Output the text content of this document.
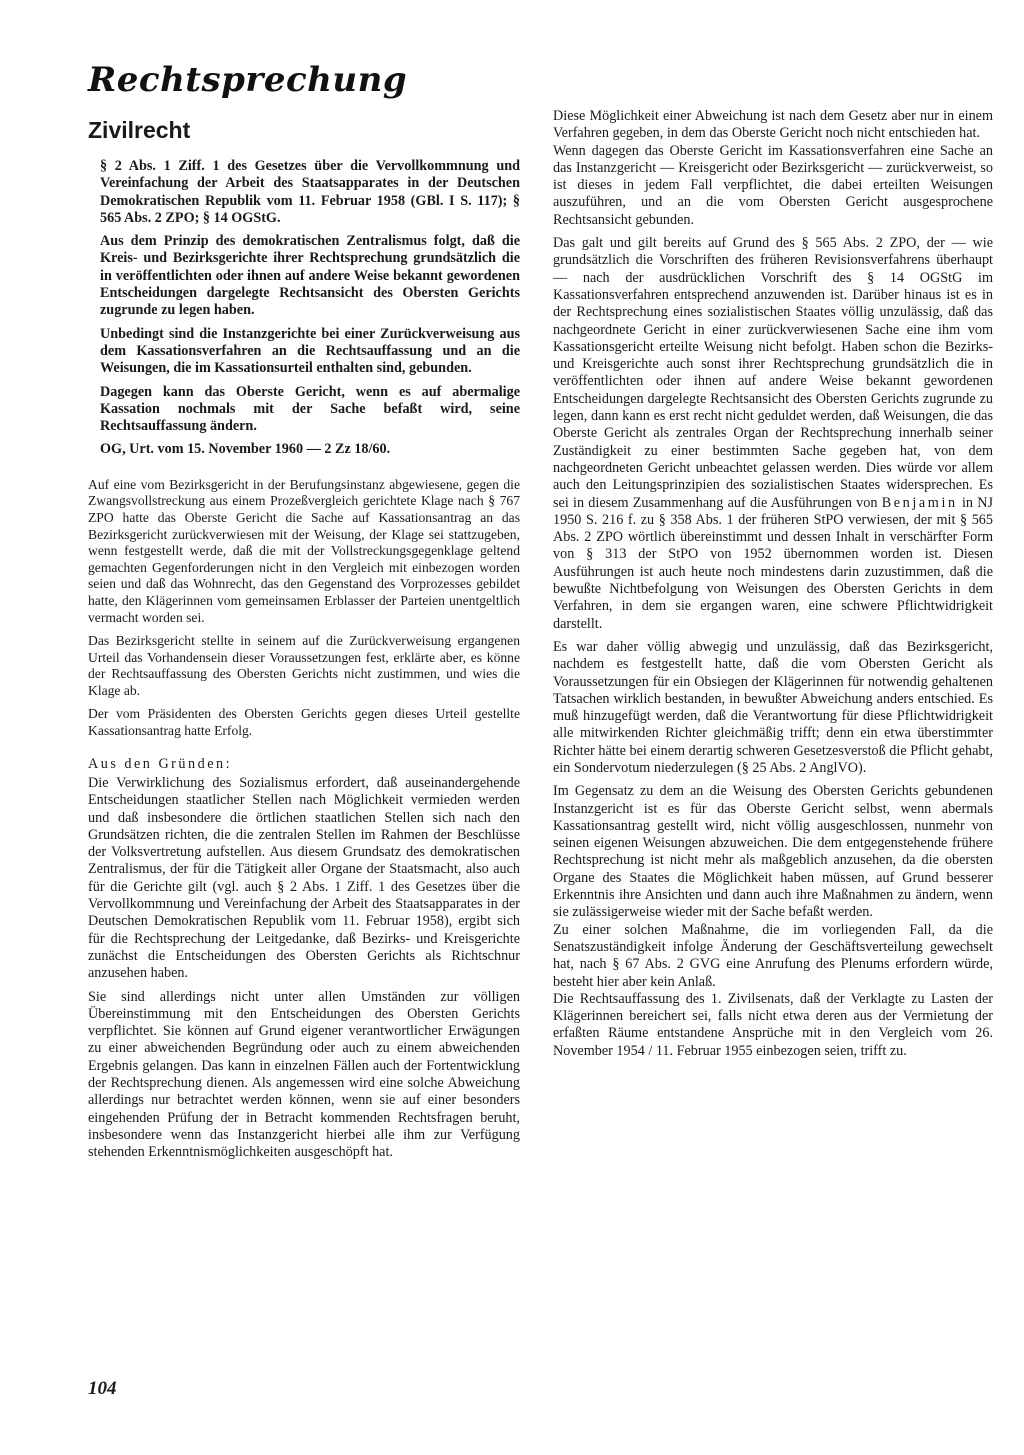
Rechtsprechung
Zivilrecht

§ 2 Abs. 1 Ziff. 1 des Gesetzes über die Vervollkommnung und Vereinfachung der Arbeit des Staatsapparates in der Deutschen Demokratischen Republik vom 11. Februar 1958 (GBl. I S. 117); § 565 Abs. 2 ZPO; § 14 OGStG.

Aus dem Prinzip des demokratischen Zentralismus folgt, daß die Kreis- und Bezirksgerichte ihrer Rechtsprechung grundsätzlich die in veröffentlichten oder ihnen auf andere Weise bekannt gewordenen Entscheidungen dargelegte Rechtsansicht des Obersten Gerichts zugrunde zu legen haben.

Unbedingt sind die Instanzgerichte bei einer Zurückverweisung aus dem Kassationsverfahren an die Rechtsauffassung und an die Weisungen, die im Kassationsurteil enthalten sind, gebunden.

Dagegen kann das Oberste Gericht, wenn es auf abermalige Kassation nochmals mit der Sache befaßt wird, seine Rechtsauffassung ändern.

OG, Urt. vom 15. November 1960 — 2 Zz 18/60.

Auf eine vom Bezirksgericht in der Berufungsinstanz abgewiesene, gegen die Zwangsvollstreckung aus einem Prozeßvergleich gerichtete Klage nach § 767 ZPO hatte das Oberste Gericht die Sache auf Kassationsantrag an das Bezirksgericht zurückverwiesen mit der Weisung, der Klage sei stattzugeben, wenn festgestellt werde, daß die mit der Vollstreckungsgegenklage geltend gemachten Gegenforderungen nicht in den Vergleich mit einbezogen worden seien und daß das Wohnrecht, das den Gegenstand des Vorprozesses gebildet hatte, den Klägerinnen vom gemeinsamen Erblasser der Parteien unentgeltlich vermacht worden sei.

Das Bezirksgericht stellte in seinem auf die Zurückverweisung ergangenen Urteil das Vorhandensein dieser Voraussetzungen fest, erklärte aber, es könne der Rechtsauffassung des Obersten Gerichts nicht zustimmen, und wies die Klage ab.

Der vom Präsidenten des Obersten Gerichts gegen dieses Urteil gestellte Kassationsantrag hatte Erfolg.

Aus den Gründen:

Die Verwirklichung des Sozialismus erfordert, daß auseinandergehende Entscheidungen staatlicher Stellen nach Möglichkeit vermieden werden und daß insbesondere die örtlichen staatlichen Stellen sich nach den Grundsätzen richten, die die zentralen Stellen im Rahmen der Beschlüsse der Volksvertretung aufstellen. Aus diesem Grundsatz des demokratischen Zentralismus, der für die Tätigkeit aller Organe der Staatsmacht, also auch für die Gerichte gilt (vgl. auch § 2 Abs. 1 Ziff. 1 des Gesetzes über die Vervollkommnung und Vereinfachung der Arbeit des Staatsapparates in der Deutschen Demokratischen Republik vom 11. Februar 1958), ergibt sich für die Rechtsprechung der Leitgedanke, daß Bezirks- und Kreisgerichte zunächst die Entscheidungen des Obersten Gerichts als Richtschnur anzusehen haben.

Sie sind allerdings nicht unter allen Umständen zur völligen Übereinstimmung mit den Entscheidungen des Obersten Gerichts verpflichtet. Sie können auf Grund eigener verantwortlicher Erwägungen zu einer abweichenden Begründung oder auch zu einem abweichenden Ergebnis gelangen. Das kann in einzelnen Fällen auch der Fortentwicklung der Rechtsprechung dienen. Als angemessen wird eine solche Abweichung allerdings nur betrachtet werden können, wenn sie auf einer besonders eingehenden Prüfung der in Betracht kommenden Rechtsfragen beruht, insbesondere wenn das Instanzgericht hierbei alle ihm zur Verfügung stehenden Erkenntnismöglichkeiten ausgeschöpft hat.

Diese Möglichkeit einer Abweichung ist nach dem Gesetz aber nur in einem Verfahren gegeben, in dem das Oberste Gericht noch nicht entschieden hat.

Wenn dagegen das Oberste Gericht im Kassationsverfahren eine Sache an das Instanzgericht — Kreisgericht oder Bezirksgericht — zurückverweist, so ist dieses in jedem Fall verpflichtet, die dabei erteilten Weisungen auszuführen, und an die vom Obersten Gericht ausgesprochene Rechtsansicht gebunden.

Das galt und gilt bereits auf Grund des § 565 Abs. 2 ZPO, der — wie grundsätzlich die Vorschriften des früheren Revisionsverfahrens überhaupt — nach der ausdrücklichen Vorschrift des § 14 OGStG im Kassationsverfahren entsprechend anzuwenden ist. Darüber hinaus ist es in der Rechtsprechung eines sozialistischen Staates völlig unzulässig, daß das nachgeordnete Gericht in einer zurückverwiesenen Sache eine ihm vom Kassationsgericht erteilte Weisung nicht befolgt. Haben schon die Bezirks- und Kreisgerichte auch sonst ihrer Rechtsprechung grundsätzlich die in veröffentlichten oder ihnen auf andere Weise bekannt gewordenen Entscheidungen dargelegte Rechtsansicht des Obersten Gerichts zugrunde zu legen, dann kann es erst recht nicht geduldet werden, daß Weisungen, die das Oberste Gericht als zentrales Organ der Rechtsprechung innerhalb seiner Zuständigkeit zu einer bestimmten Sache gegeben hat, von dem nachgeordneten Gericht unbeachtet gelassen werden. Dies würde vor allem auch den Leitungsprinzipien des sozialistischen Staates widersprechen. Es sei in diesem Zusammenhang auf die Ausführungen von Benjamin in NJ 1950 S. 216 f. zu § 358 Abs. 1 der früheren StPO verwiesen, der mit § 565 Abs. 2 ZPO wörtlich übereinstimmt und dessen Inhalt in verschärfter Form von § 313 der StPO von 1952 übernommen worden ist. Diesen Ausführungen ist auch heute noch mindestens darin zuzustimmen, daß die bewußte Nichtbefolgung von Weisungen des Obersten Gerichts in dem Verfahren, in dem sie ergangen waren, eine schwere Pflichtwidrigkeit darstellt.

Es war daher völlig abwegig und unzulässig, daß das Bezirksgericht, nachdem es festgestellt hatte, daß die vom Obersten Gericht als Voraussetzungen für ein Obsiegen der Klägerinnen für notwendig gehaltenen Tatsachen wirklich bestanden, in bewußter Abweichung anders entschied. Es muß hinzugefügt werden, daß die Verantwortung für diese Pflichtwidrigkeit alle mitwirkenden Richter gleichmäßig trifft; denn ein etwa überstimmter Richter hätte bei einem derartig schweren Gesetzesverstoß die Pflicht gehabt, ein Sondervotum niederzulegen (§ 25 Abs. 2 AnglVO).

Im Gegensatz zu dem an die Weisung des Obersten Gerichts gebundenen Instanzgericht ist es für das Oberste Gericht selbst, wenn abermals Kassationsantrag gestellt wird, nicht völlig ausgeschlossen, nunmehr von seinen eigenen Weisungen abzuweichen. Die dem entgegenstehende frühere Rechtsprechung ist nicht mehr als maßgeblich anzusehen, da die obersten Organe des Staates die Möglichkeit haben müssen, auf Grund besserer Erkenntnis ihre Ansichten und dann auch ihre Maßnahmen zu ändern, wenn sie zulässigerweise wieder mit der Sache befaßt werden.

Zu einer solchen Maßnahme, die im vorliegenden Fall, da die Senatszuständigkeit infolge Änderung der Geschäftsverteilung gewechselt hat, nach § 67 Abs. 2 GVG eine Anrufung des Plenums erfordern würde, besteht hier aber kein Anlaß.

Die Rechtsauffassung des 1. Zivilsenats, daß der Verklagte zu Lasten der Klägerinnen bereichert sei, falls nicht etwa deren aus der Vermietung der erfaßten Räume entstandene Ansprüche mit in den Vergleich vom 26. November 1954 / 11. Februar 1955 einbezogen seien, trifft zu.

104
